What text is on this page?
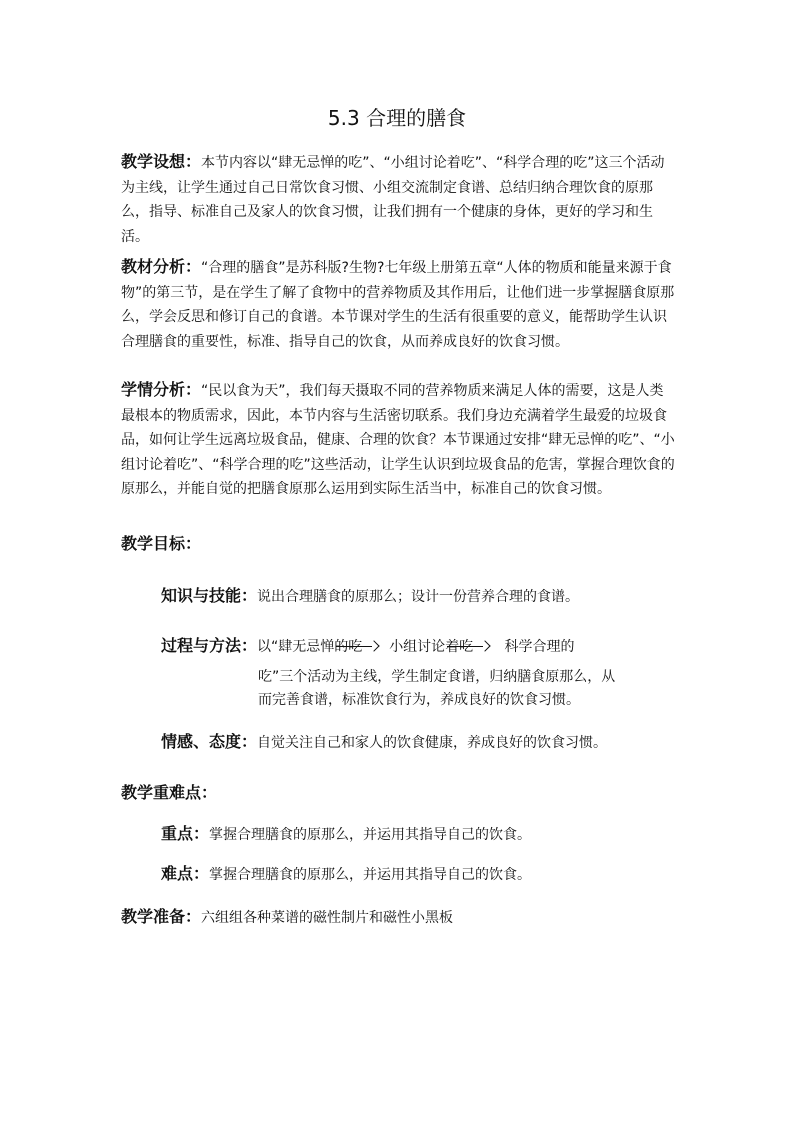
5.3 合理的膳食
教学设想：本节内容以“肆无忌惮的吃”、“小组讨论着吃”、“科学合理的吃”这三个活动为主线，让学生通过自己日常饮食习惯、小组交流制定食谱、总结归纳合理饮食的原那么，指导、标准自己及家人的饮食习惯，让我们拥有一个健康的身体，更好的学习和生活。
教材分析：“合理的膳食”是苏科版?生物?七年级上册第五章“人体的物质和能量来源于食物”的第三节，是在学生了解了食物中的营养物质及其作用后，让他们进一步掌握膳食原那么，学会反思和修订自己的食谱。本节课对学生的生活有很重要的意义，能帮助学生认识合理膳食的重要性，标准、指导自己的饮食，从而养成良好的饮食习惯。
学情分析：“民以食为天”，我们每天摄取不同的营养物质来满足人体的需要，这是人类最根本的物质需求，因此，本节内容与生活密切联系。我们身边充满着学生最爱的垃圾食品，如何让学生远离垃圾食品，健康、合理的饮食？本节课通过安排“肆无忌惮的吃”、“小组讨论着吃”、“科学合理的吃”这些活动，让学生认识到垃圾食品的危害，掌握合理饮食的原那么，并能自觉的把膳食原那么运用到实际生活当中，标准自己的饮食习惯。
教学目标：
知识与技能：说出合理膳食的原那么；设计一份营养合理的食谱。
过程与方法：以“肆无忌惮的吃 小组讨论着吃 科学合理的
吃”三个活动为主线，学生制定食谱，归纳膳食原那么，从
而完善食谱，标准饮食行为，养成良好的饮食习惯。
情感、态度：自觉关注自己和家人的饮食健康，养成良好的饮食习惯。
教学重难点：
重点：掌握合理膳食的原那么，并运用其指导自己的饮食。
难点：掌握合理膳食的原那么，并运用其指导自己的饮食。
教学准备：六组组各种菜谱的磁性制片和磁性小黑板
